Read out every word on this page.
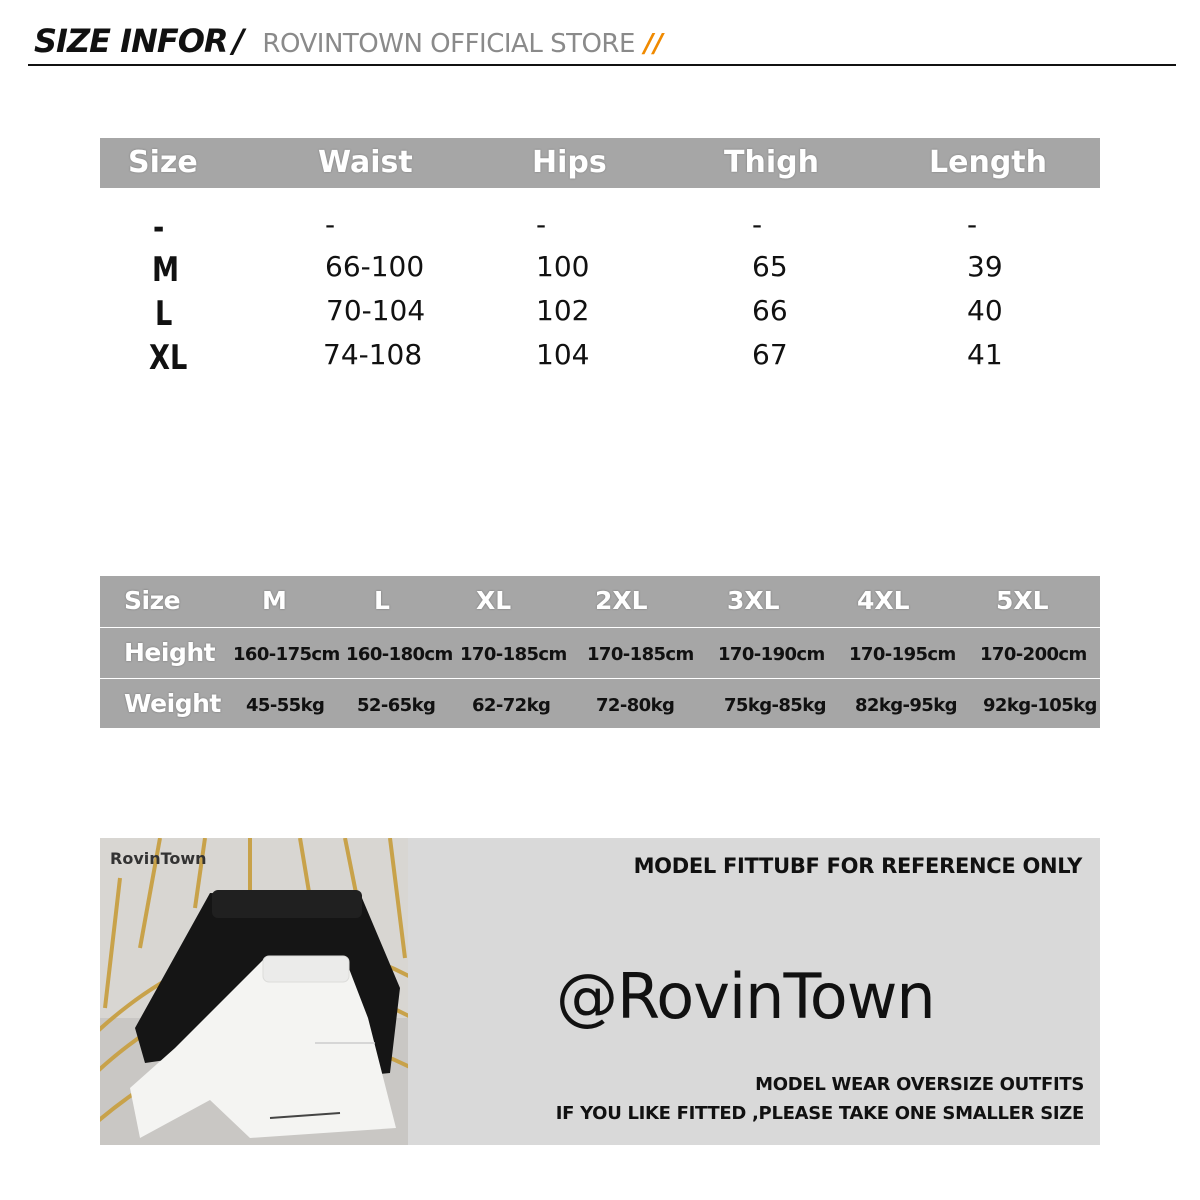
SIZE INFOR / ROVINTOWN OFFICIAL STORE //
Size	Waist	Hips	Thigh	Length
-	-	-	-	-
M	66-100	100	65	39
L	70-104	102	66	40
XL	74-108	104	67	41
Size	M	L	XL	2XL	3XL	4XL	5XL
Height 160-175cm 160-180cm 170-185cm 170-185cm 170-190cm 170-195cm 170-200cm
Weight 45-55kg 52-65kg 62-72kg	72-80kg	75kg-85kg 82kg-95kg 92kg-105kg
RovinTown	MODEL FITTUBF FOR REFERENCE ONLY
@RovinTown
MODEL WEAR OVERSIZE OUTFITS
IF YOU LIKE FITTED ,PLEASE TAKE ONE SMALLER SIZE
